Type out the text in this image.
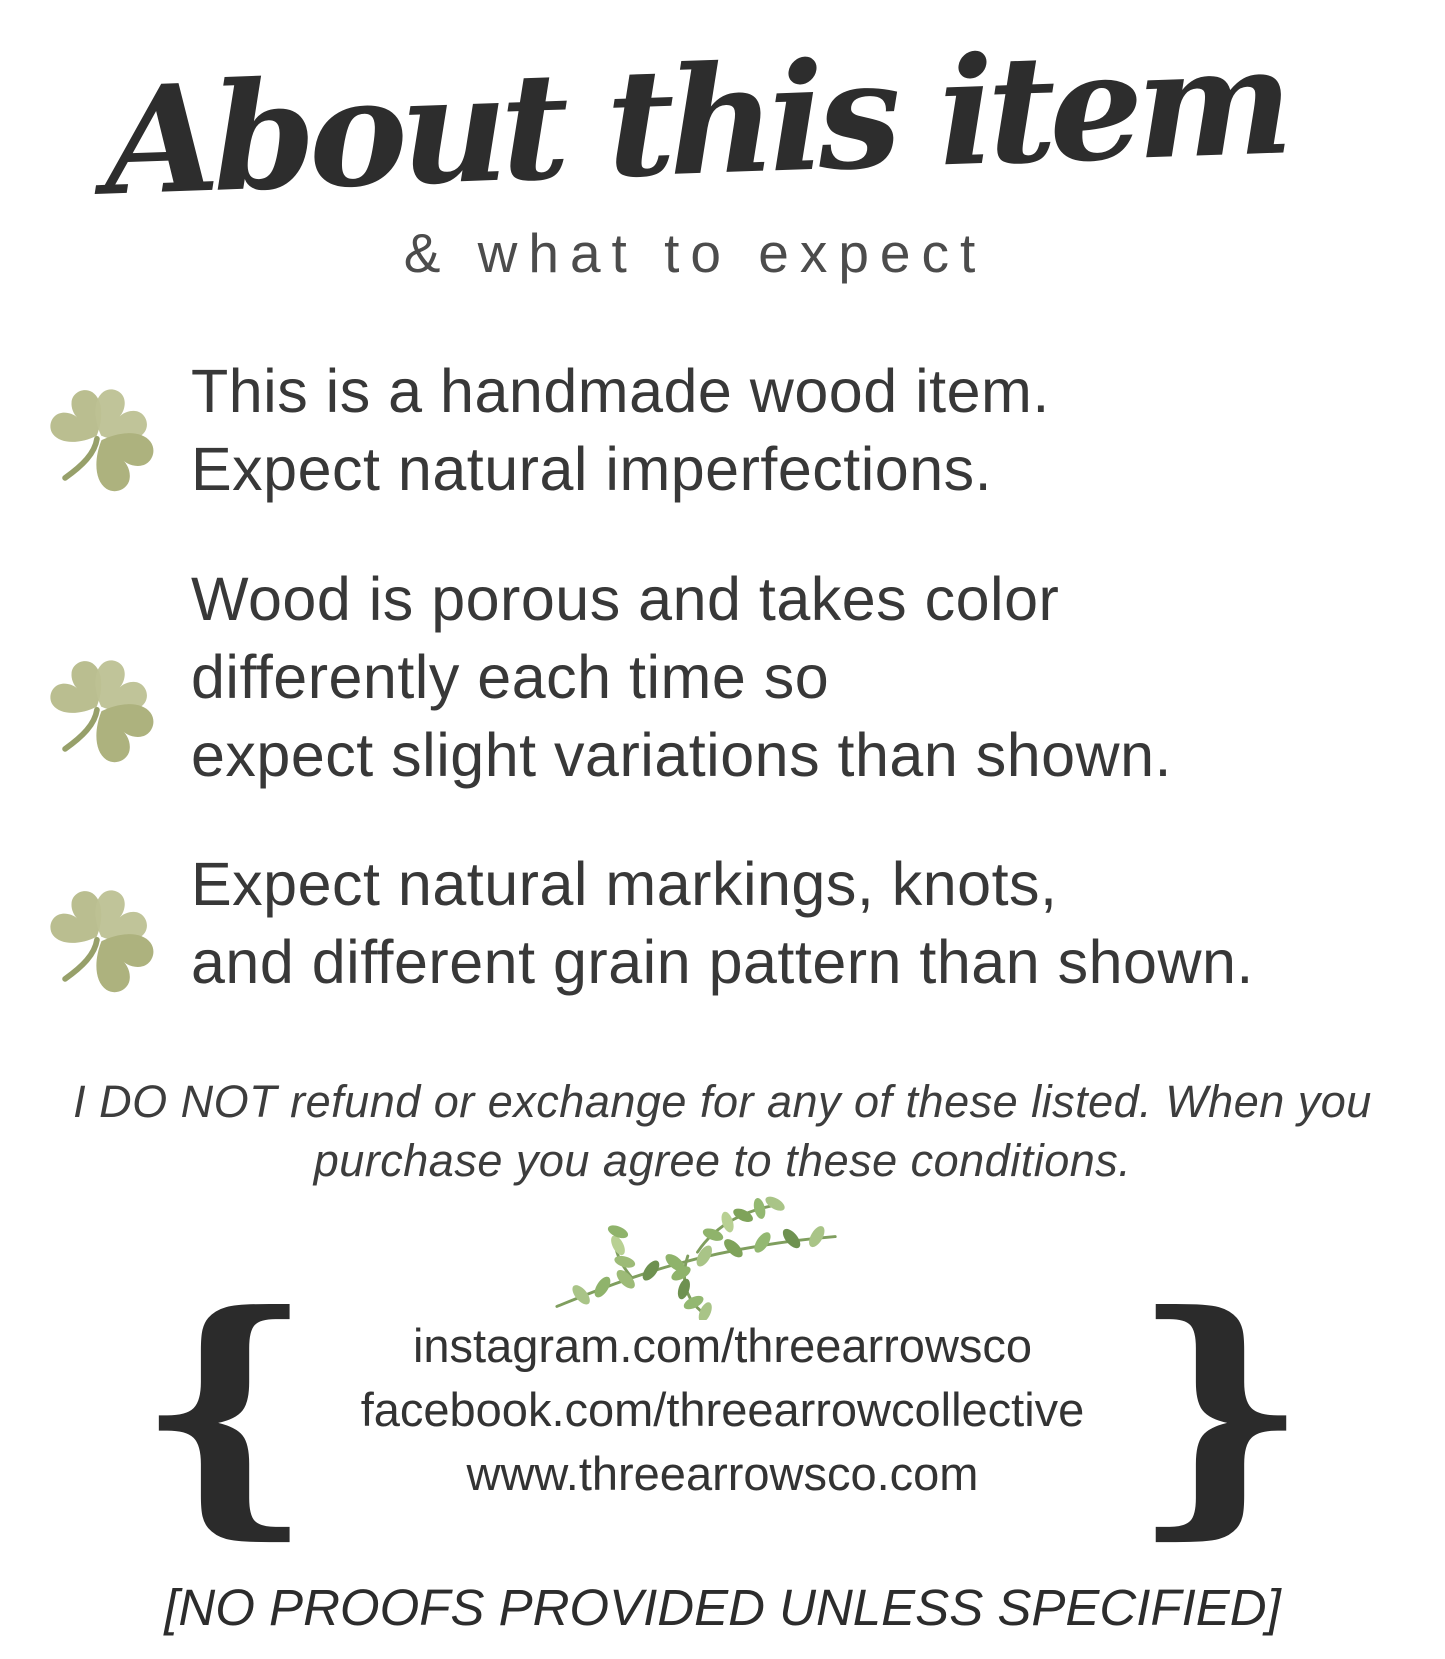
About this item
& what to expect
This is a handmade wood item.
Expect natural imperfections.
Wood is porous and takes color
differently each time so
expect slight variations than shown.
Expect natural markings, knots,
and different grain pattern than shown.

I DO NOT refund or exchange for any of these listed. When you
purchase you agree to these conditions.

{	instagram.com/threearrowsco
facebook.com/threearrowcollective
www.threearrowsco.com }

[NO PROOFS PROVIDED UNLESS SPECIFIED]
